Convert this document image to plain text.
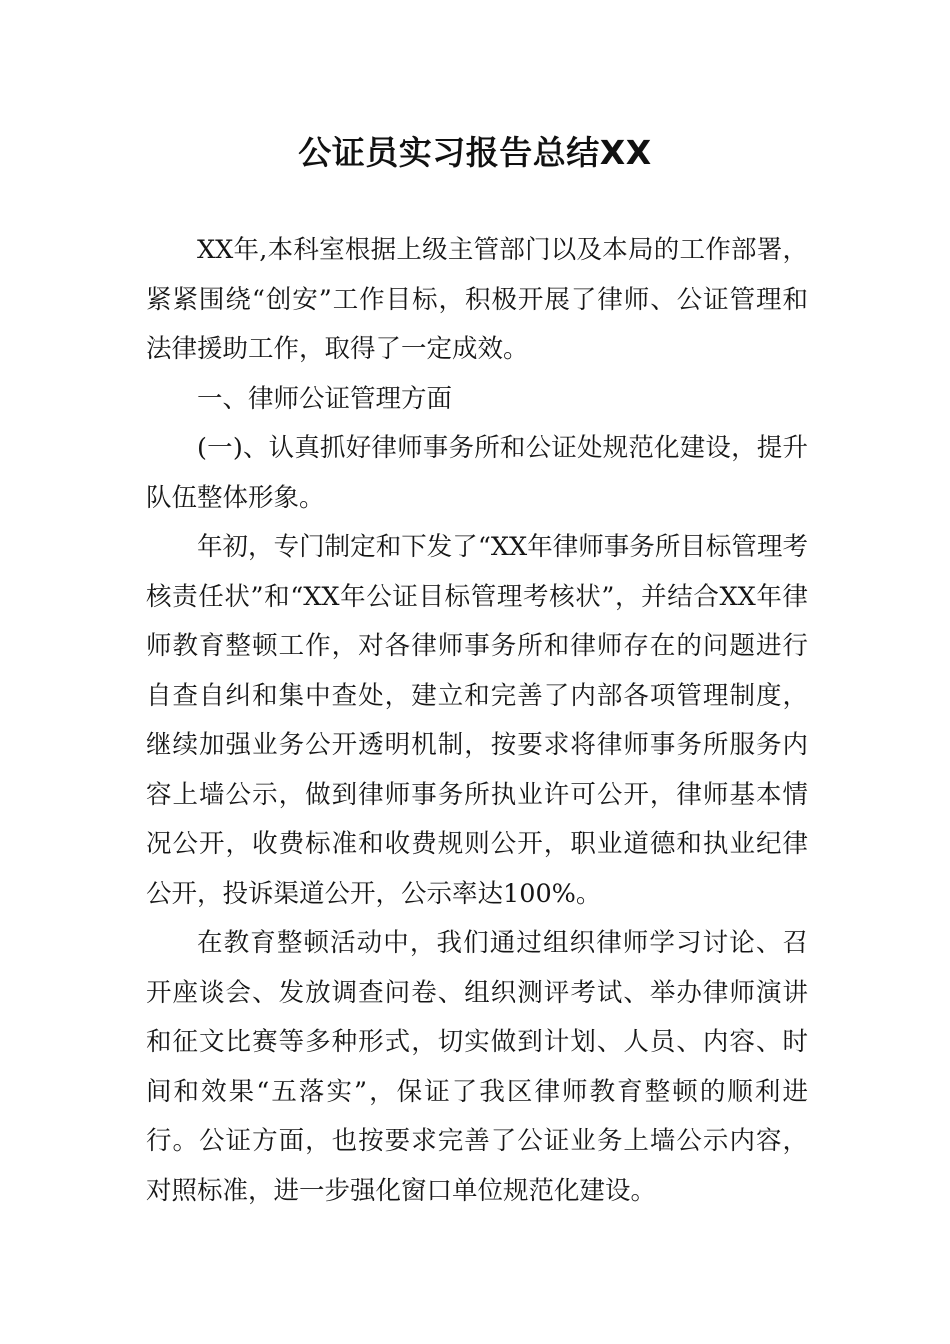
公证员实习报告总结XX

XX年,本科室根据上级主管部门以及本局的工作部署，紧紧围绕“创安”工作目标，积极开展了律师、公证管理和法律援助工作，取得了一定成效。

一、律师公证管理方面

(一)、认真抓好律师事务所和公证处规范化建设，提升队伍整体形象。

年初，专门制定和下发了“XX年律师事务所目标管理考核责任状”和“XX年公证目标管理考核状”，并结合XX年律师教育整顿工作，对各律师事务所和律师存在的问题进行自查自纠和集中查处，建立和完善了内部各项管理制度，继续加强业务公开透明机制，按要求将律师事务所服务内容上墙公示，做到律师事务所执业许可公开，律师基本情况公开，收费标准和收费规则公开，职业道德和执业纪律公开，投诉渠道公开，公示率达100%。

在教育整顿活动中，我们通过组织律师学习讨论、召开座谈会、发放调查问卷、组织测评考试、举办律师演讲和征文比赛等多种形式，切实做到计划、人员、内容、时间和效果“五落实”，保证了我区律师教育整顿的顺利进行。公证方面，也按要求完善了公证业务上墙公示内容，对照标准，进一步强化窗口单位规范化建设。
